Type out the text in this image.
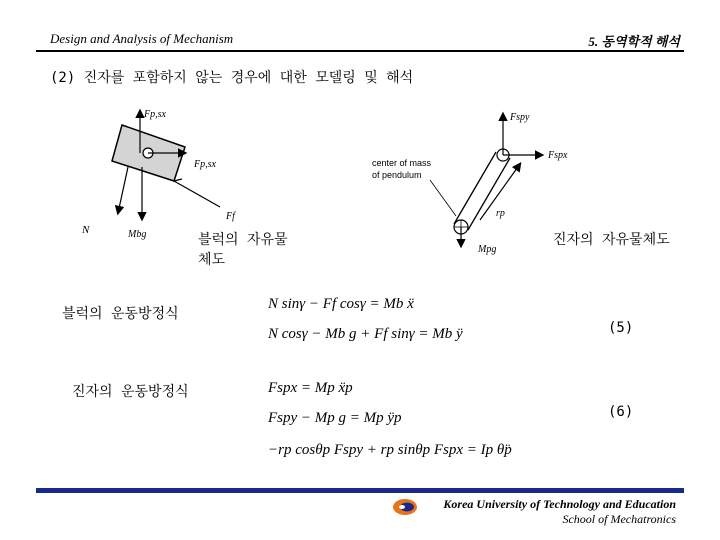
Design and Analysis of Mechanism	5. 동역학적 해석
(2) 진자를 포함하지 않는 경우에 대한 모델링 및 해석
Fp,sx
Fp,sx
N
Ff
Mbg	블럭의 자유물
체도
Fspy
Fspx
center of mass
of pendulum
rp
Mpg
진자의 자유물체도
블럭의 운동방정식
N sinγ − Ff cosγ = Mb ẍ
N cosγ − Mb g + Ff sinγ = Mb ÿ	(5)
진자의 운동방정식	Fspx = Mp ẍp
Fspy − Mp g = Mp ÿp
−rp cosθp Fspy + rp sinθp Fspx = Ip θ̈p
(6)
Korea University of Technology and Education
School of Mechatronics
